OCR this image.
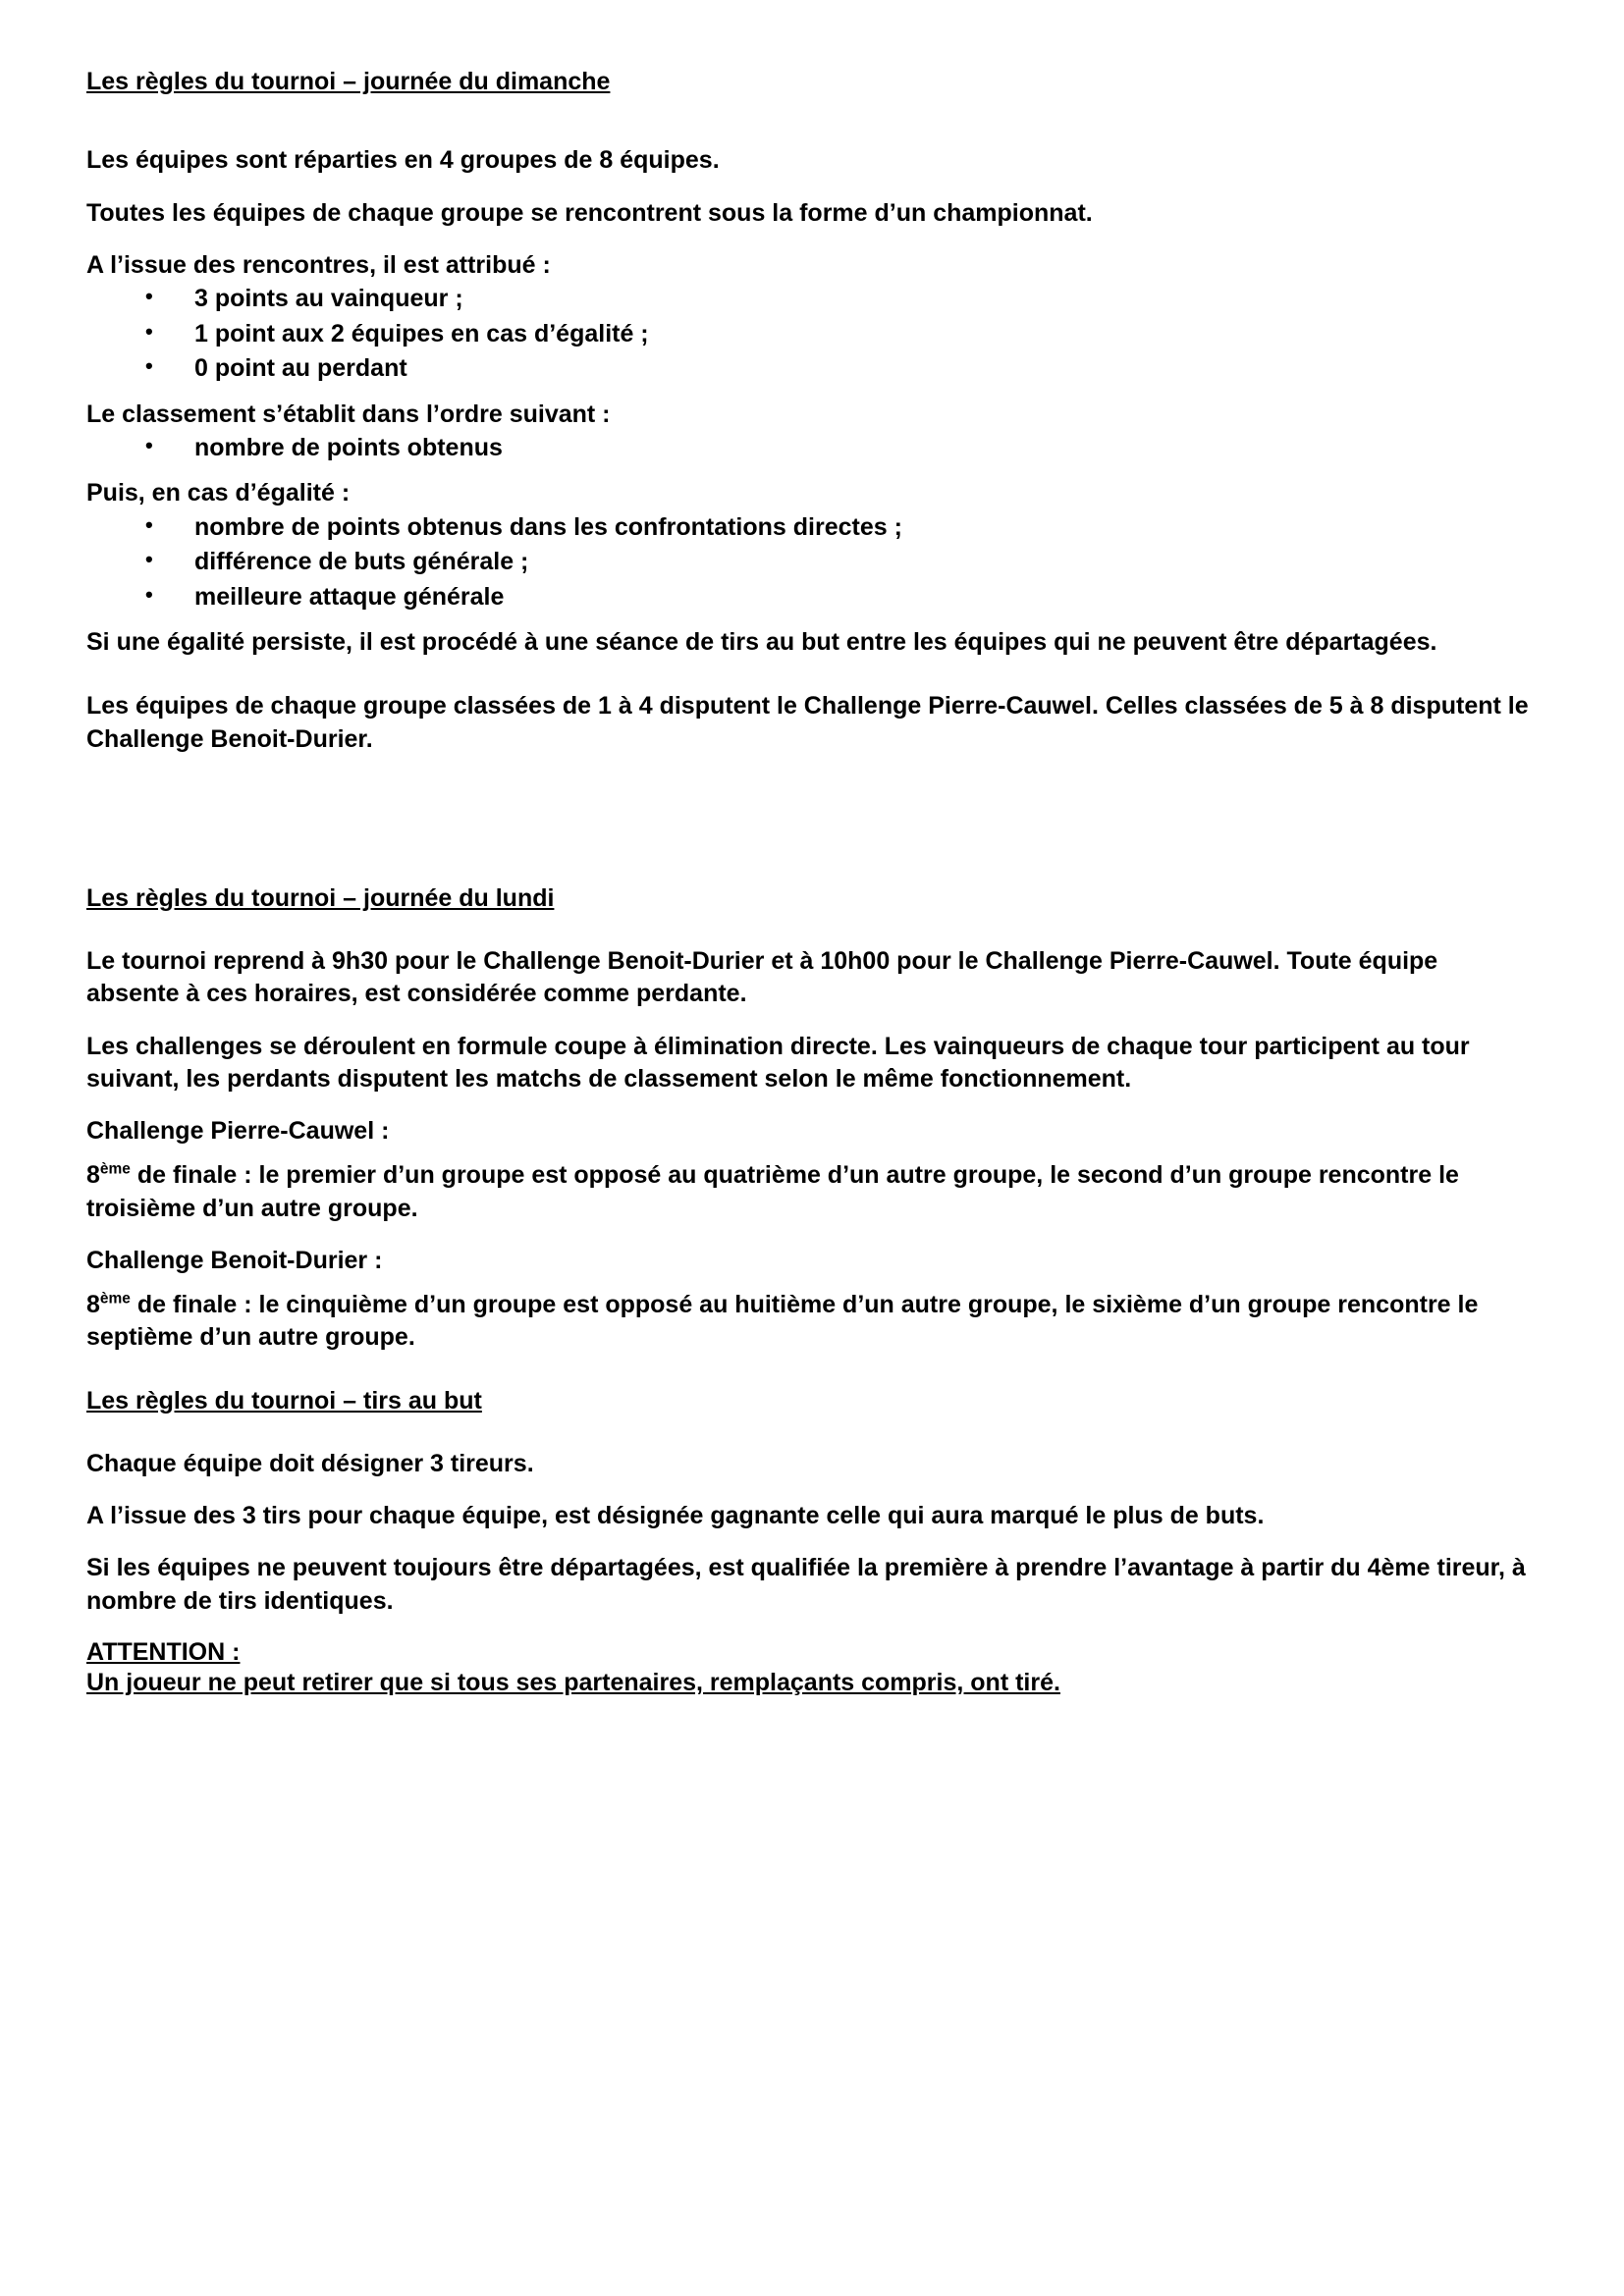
Les règles du tournoi – journée du dimanche

Les équipes sont réparties en 4 groupes de 8 équipes.

Toutes les équipes de chaque groupe se rencontrent sous la forme d’un championnat.

A l’issue des rencontres, il est attribué :

• 3 points au vainqueur ;
• 1 point aux 2 équipes en cas d’égalité ;
• 0 point au perdant

Le classement s’établit dans l’ordre suivant :

• nombre de points obtenus

Puis, en cas d’égalité :

• nombre de points obtenus dans les confrontations directes ;
• différence de buts générale ;
• meilleure attaque générale

Si une égalité persiste, il est procédé à une séance de tirs au but entre les équipes qui ne peuvent être départagées.

Les équipes de chaque groupe classées de 1 à 4 disputent le Challenge Pierre-Cauwel. Celles classées de 5 à 8 disputent le Challenge Benoit-Durier.

Les règles du tournoi – journée du lundi

Le tournoi reprend à 9h30 pour le Challenge Benoit-Durier et à 10h00 pour le Challenge Pierre-Cauwel. Toute équipe absente à ces horaires, est considérée comme perdante.

Les challenges se déroulent en formule coupe à élimination directe. Les vainqueurs de chaque tour participent au tour suivant, les perdants disputent les matchs de classement selon le même fonctionnement.

Challenge Pierre-Cauwel :

8ème de finale : le premier d’un groupe est opposé au quatrième d’un autre groupe, le second d’un groupe rencontre le troisième d’un autre groupe.

Challenge Benoit-Durier :

8ème de finale : le cinquième d’un groupe est opposé au huitième d’un autre groupe, le sixième d’un groupe rencontre le septième d’un autre groupe.

Les règles du tournoi – tirs au but

Chaque équipe doit désigner 3 tireurs.

A l’issue des 3 tirs pour chaque équipe, est désignée gagnante celle qui aura marqué le plus de buts.

Si les équipes ne peuvent toujours être départagées, est qualifiée la première à prendre l’avantage à partir du 4ème tireur, à nombre de tirs identiques.

ATTENTION :

Un joueur ne peut retirer que si tous ses partenaires, remplaçants compris, ont tiré.
